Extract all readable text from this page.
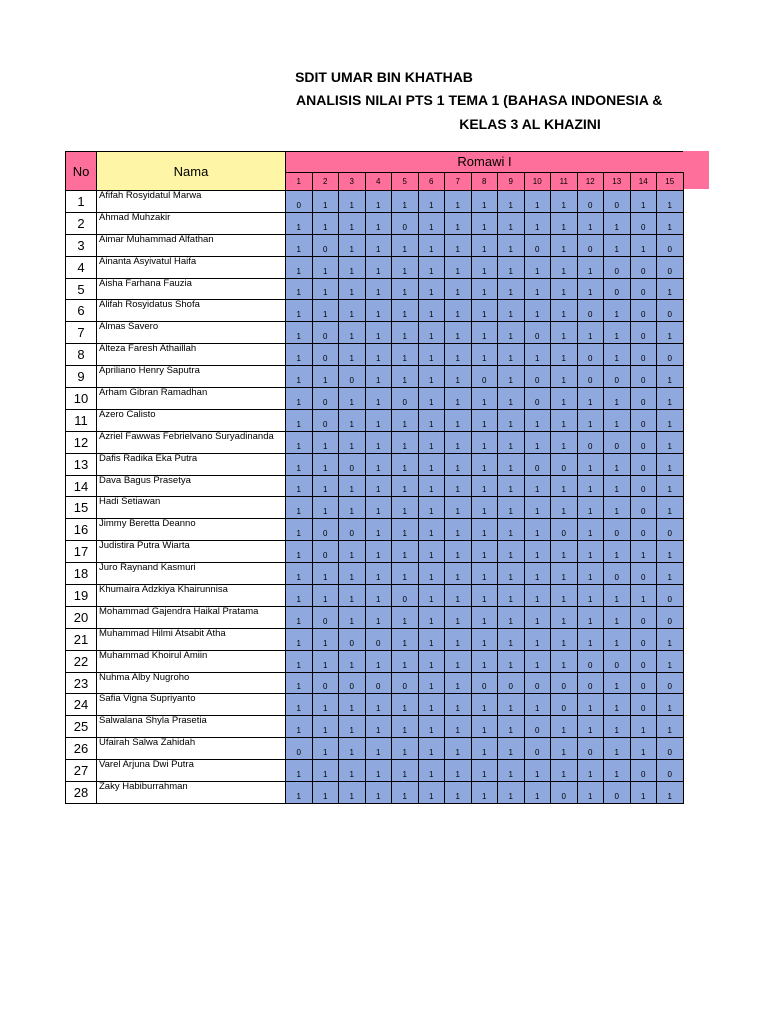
SDIT UMAR BIN KHATHAB
ANALISIS NILAI PTS 1 TEMA 1 (BAHASA INDONESIA &
KELAS 3 AL KHAZINI
No	Nama	Romawi I														
		1	2	3	4	5	6	7	8	9	10	11	12	13	14	15
1	Afifah Rosyidatul Marwa	0	1	1	1	1	1	1	1	1	1	1	0	0	1	1
2	Ahmad Muhzakir	1	1	1	1	0	1	1	1	1	1	1	1	1	0	1
3	Aimar Muhammad Alfathan	1	0	1	1	1	1	1	1	1	0	1	0	1	1	0
4	Ainanta Asyivatul Haifa	1	1	1	1	1	1	1	1	1	1	1	1	0	0	0
5	Aisha Farhana Fauzia	1	1	1	1	1	1	1	1	1	1	1	1	0	0	1
6	Alifah Rosyidatus Shofa	1	1	1	1	1	1	1	1	1	1	1	0	1	0	0
7	Almas Savero	1	0	1	1	1	1	1	1	1	0	1	1	1	0	1
8	Alteza Faresh Athaillah	1	0	1	1	1	1	1	1	1	1	1	0	1	0	0
9	Apriliano Henry Saputra	1	1	0	1	1	1	1	0	1	0	1	0	0	0	1
10	Arham Gibran Ramadhan	1	0	1	1	0	1	1	1	1	0	1	1	1	0	1
11	Azero Calisto	1	0	1	1	1	1	1	1	1	1	1	1	1	0	1
12	Azriel Fawwas Febrielvano Suryadinanda	1	1	1	1	1	1	1	1	1	1	1	0	0	0	1
13	Dafis Radika Eka Putra	1	1	0	1	1	1	1	1	1	0	0	1	1	0	1
14	Dava Bagus Prasetya	1	1	1	1	1	1	1	1	1	1	1	1	1	0	1
15	Hadi Setiawan	1	1	1	1	1	1	1	1	1	1	1	1	1	0	1
16	Jimmy Beretta Deanno	1	0	0	1	1	1	1	1	1	1	0	1	0	0	0
17	Judistira Putra Wiarta	1	0	1	1	1	1	1	1	1	1	1	1	1	1	1
18	Juro Raynand Kasmuri	1	1	1	1	1	1	1	1	1	1	1	1	0	0	1
19	Khumaira Adzkiya Khairunnisa	1	1	1	1	0	1	1	1	1	1	1	1	1	1	0
20	Mohammad Gajendra Haikal Pratama	1	0	1	1	1	1	1	1	1	1	1	1	1	0	0
21	Muhammad Hilmi Atsabit Atha	1	1	0	0	1	1	1	1	1	1	1	1	1	0	1
22	Muhammad Khoirul Amiin	1	1	1	1	1	1	1	1	1	1	1	0	0	0	1
23	Nuhma Alby Nugroho	1	0	0	0	0	1	1	0	0	0	0	0	1	0	0
24	Safia Vigna Supriyanto	1	1	1	1	1	1	1	1	1	1	0	1	1	0	1
25	Salwalana Shyla Prasetia	1	1	1	1	1	1	1	1	1	0	1	1	1	1	1
26	Ufairah Salwa Zahidah	0	1	1	1	1	1	1	1	1	0	1	0	1	1	0
27	Varel Arjuna Dwi Putra	1	1	1	1	1	1	1	1	1	1	1	1	1	0	0
28	Zaky Habiburrahman	1	1	1	1	1	1	1	1	1	1	0	1	0	1	1
